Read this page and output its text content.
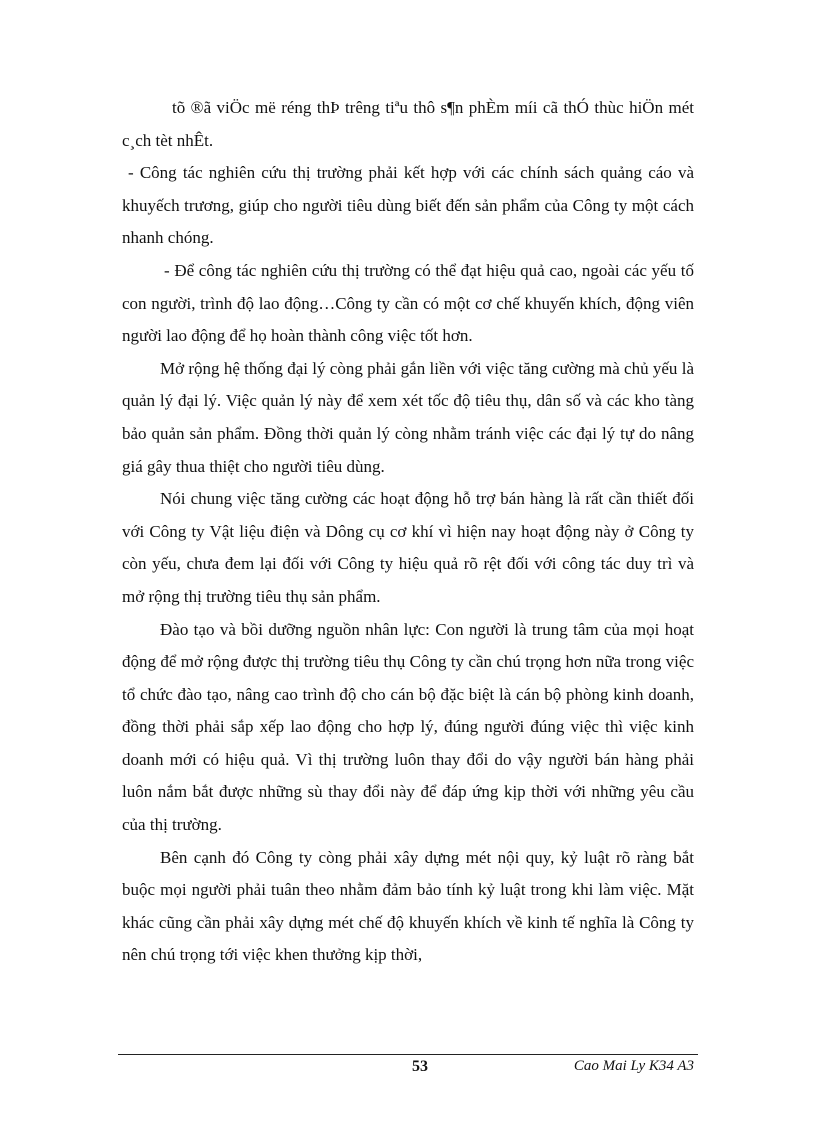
tõ ®ã viÖc më réng thÞ trêng tiªu thô s¶n phÈm míi cã thÓ thùc hiÖn mét c¸ch tèt nhÊt.

- Công tác nghiên cứu thị trường phải kết hợp với các chính sách quảng cáo và khuyếch trương, giúp cho người tiêu dùng biết đến sản phẩm của Công ty một cách nhanh chóng.

- Để công tác nghiên cứu thị trường có thể đạt hiệu quả cao, ngoài các yếu tố con người, trình độ lao động…Công ty cần có một cơ chế khuyến khích, động viên người lao động để họ hoàn thành công việc tốt hơn.

Mở rộng hệ thống đại lý còng phải gắn liền với việc tăng cường mà chủ yếu là quản lý đại lý. Việc quản lý này để xem xét tốc độ tiêu thụ, dân số và các kho tàng bảo quản sản phẩm. Đồng thời quản lý còng nhằm tránh việc các đại lý tự do nâng giá gây thua thiệt cho người tiêu dùng.

Nói chung việc tăng cường các hoạt động hỗ trợ bán hàng là rất cần thiết đối với Công ty Vật liệu điện và Dông cụ cơ khí vì hiện nay hoạt động này ở Công ty còn yếu, chưa đem lại đối với Công ty hiệu quả rõ rệt đối với công tác duy trì và mở rộng thị trường tiêu thụ sản phẩm.

Đào tạo và bồi dưỡng nguồn nhân lực: Con người là trung tâm của mọi hoạt động để mở rộng được thị trường tiêu thụ Công ty cần chú trọng hơn nữa trong việc tổ chức đào tạo, nâng cao trình độ cho cán bộ đặc biệt là cán bộ phòng kinh doanh, đồng thời phải sắp xếp lao động cho hợp lý, đúng người đúng việc thì việc kinh doanh mới có hiệu quả. Vì thị trường luôn thay đổi do vậy người bán hàng phải luôn nắm bắt được những sù thay đổi này để đáp ứng kịp thời với những yêu cầu của thị trường.

Bên cạnh đó Công ty còng phải xây dựng mét nội quy, kỷ luật rõ ràng bắt buộc mọi người phải tuân theo nhằm đảm bảo tính kỷ luật trong khi làm việc. Mặt khác cũng cần phải xây dựng mét chế độ khuyến khích về kinh tế nghĩa là Công ty nên chú trọng tới việc khen thưởng kịp thời,

53	Cao Mai Ly K34 A3
